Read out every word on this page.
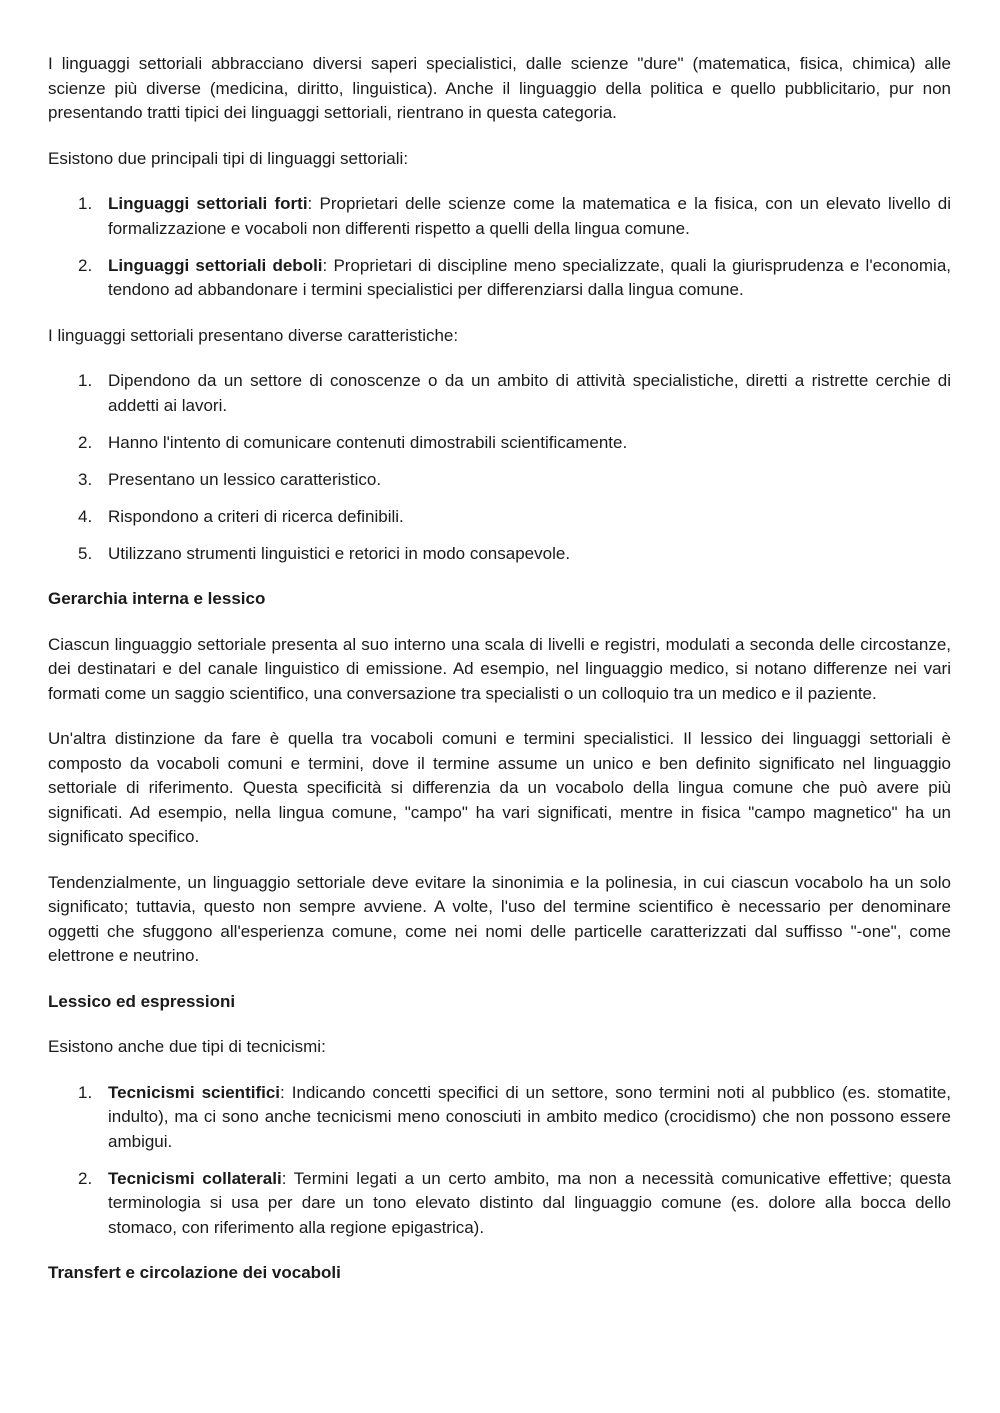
I linguaggi settoriali abbracciano diversi saperi specialistici, dalle scienze "dure" (matematica, fisica, chimica) alle scienze più diverse (medicina, diritto, linguistica). Anche il linguaggio della politica e quello pubblicitario, pur non presentando tratti tipici dei linguaggi settoriali, rientrano in questa categoria.

Esistono due principali tipi di linguaggi settoriali:

1. Linguaggi settoriali forti: Proprietari delle scienze come la matematica e la fisica, con un elevato livello di formalizzazione e vocaboli non differenti rispetto a quelli della lingua comune.
2. Linguaggi settoriali deboli: Proprietari di discipline meno specializzate, quali la giurisprudenza e l'economia, tendono ad abbandonare i termini specialistici per differenziarsi dalla lingua comune.

I linguaggi settoriali presentano diverse caratteristiche:

1. Dipendono da un settore di conoscenze o da un ambito di attività specialistiche, diretti a ristrette cerchie di addetti ai lavori.
2. Hanno l'intento di comunicare contenuti dimostrabili scientificamente.
3. Presentano un lessico caratteristico.
4. Rispondono a criteri di ricerca definibili.
5. Utilizzano strumenti linguistici e retorici in modo consapevole.

Gerarchia interna e lessico

Ciascun linguaggio settoriale presenta al suo interno una scala di livelli e registri, modulati a seconda delle circostanze, dei destinatari e del canale linguistico di emissione. Ad esempio, nel linguaggio medico, si notano differenze nei vari formati come un saggio scientifico, una conversazione tra specialisti o un colloquio tra un medico e il paziente.

Un'altra distinzione da fare è quella tra vocaboli comuni e termini specialistici. Il lessico dei linguaggi settoriali è composto da vocaboli comuni e termini, dove il termine assume un unico e ben definito significato nel linguaggio settoriale di riferimento. Questa specificità si differenzia da un vocabolo della lingua comune che può avere più significati. Ad esempio, nella lingua comune, "campo" ha vari significati, mentre in fisica "campo magnetico" ha un significato specifico.

Tendenzialmente, un linguaggio settoriale deve evitare la sinonimia e la polinesia, in cui ciascun vocabolo ha un solo significato; tuttavia, questo non sempre avviene. A volte, l'uso del termine scientifico è necessario per denominare oggetti che sfuggono all'esperienza comune, come nei nomi delle particelle caratterizzati dal suffisso "-one", come elettrone e neutrino.

Lessico ed espressioni

Esistono anche due tipi di tecnicismi:

1. Tecnicismi scientifici: Indicando concetti specifici di un settore, sono termini noti al pubblico (es. stomatite, indulto), ma ci sono anche tecnicismi meno conosciuti in ambito medico (crocidismo) che non possono essere ambigui.
2. Tecnicismi collaterali: Termini legati a un certo ambito, ma non a necessità comunicative effettive; questa terminologia si usa per dare un tono elevato distinto dal linguaggio comune (es. dolore alla bocca dello stomaco, con riferimento alla regione epigastrica).

Transfert e circolazione dei vocaboli
